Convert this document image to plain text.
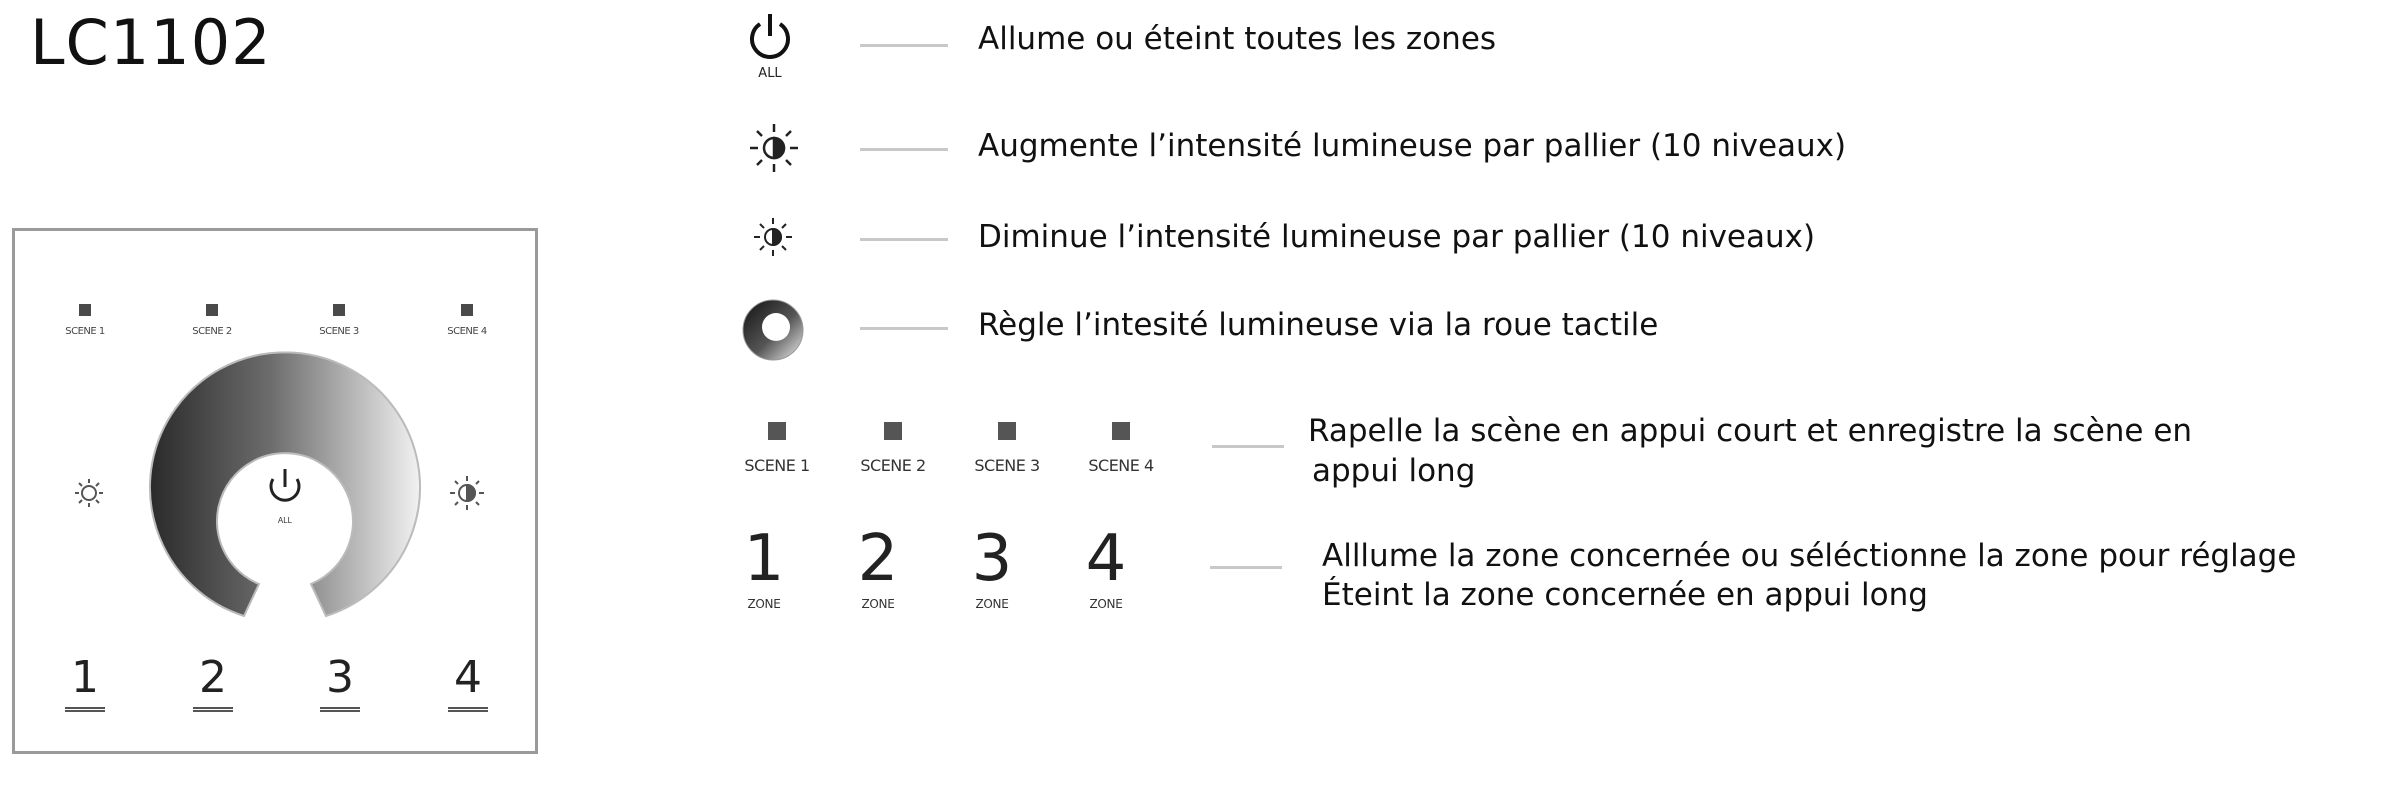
LC1102
ALL
SCENE 1	SCENE 2	SCENE 3	SCENE 4
1	2	3	4
ALL
Allume ou éteint toutes les zones
Augmente l’intensité lumineuse par pallier (10 niveaux)
Diminue l’intensité lumineuse par pallier (10 niveaux)
Règle l’intesité lumineuse via la roue tactile
SCENE 1	SCENE 2	SCENE 3	SCENE 4
Rapelle la scène en appui court et enregistre la scène en
appui long
1
ZONE
2
ZONE
3
ZONE
4
ZONE
Alllume la zone concernée ou séléctionne la zone pour réglage
Éteint la zone concernée en appui long
